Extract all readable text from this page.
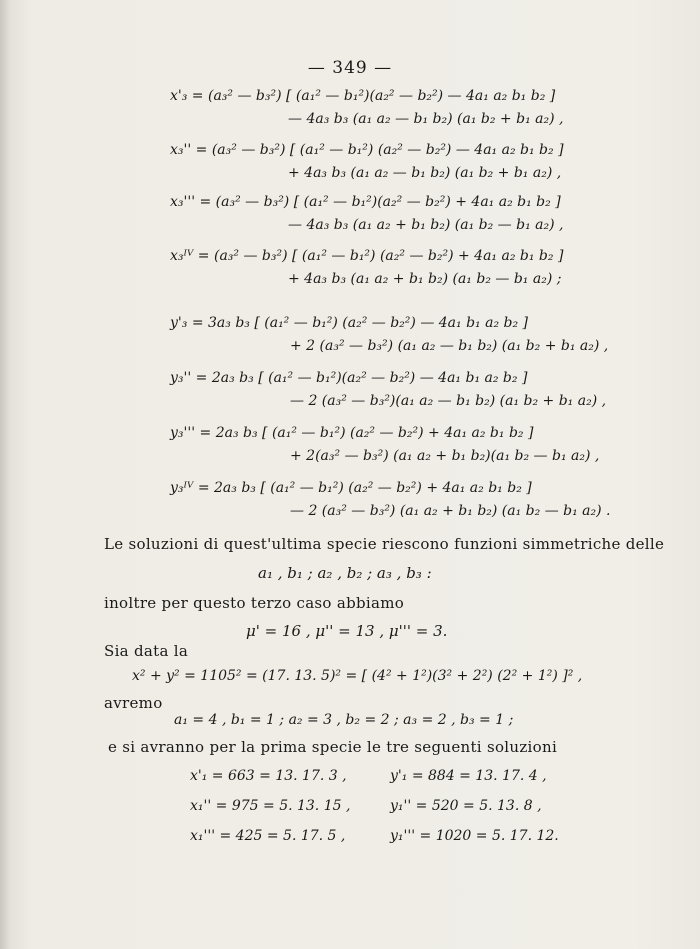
— 349 —
x'₃ = (a₃² — b₃²) [ (a₁² — b₁²)(a₂² — b₂²) — 4a₁ a₂ b₁ b₂ ]
— 4a₃ b₃ (a₁ a₂ — b₁ b₂) (a₁ b₂ + b₁ a₂) ,
x₃'' = (a₃² — b₃²) [ (a₁² — b₁²) (a₂² — b₂²) — 4a₁ a₂ b₁ b₂ ]
+ 4a₃ b₃ (a₁ a₂ — b₁ b₂) (a₁ b₂ + b₁ a₂) ,
x₃''' = (a₃² — b₃²) [ (a₁² — b₁²)(a₂² — b₂²) + 4a₁ a₂ b₁ b₂ ]
— 4a₃ b₃ (a₁ a₂ + b₁ b₂) (a₁ b₂ — b₁ a₂) ,
x₃ᴵⱽ = (a₃² — b₃²) [ (a₁² — b₁²) (a₂² — b₂²) + 4a₁ a₂ b₁ b₂ ]
+ 4a₃ b₃ (a₁ a₂ + b₁ b₂) (a₁ b₂ — b₁ a₂) ;
y'₃ = 3a₃ b₃ [ (a₁² — b₁²) (a₂² — b₂²) — 4a₁ b₁ a₂ b₂ ]
+ 2 (a₃² — b₃²) (a₁ a₂ — b₁ b₂) (a₁ b₂ + b₁ a₂) ,
y₃'' = 2a₃ b₃ [ (a₁² — b₁²)(a₂² — b₂²) — 4a₁ b₁ a₂ b₂ ]
— 2 (a₃² — b₃²)(a₁ a₂ — b₁ b₂) (a₁ b₂ + b₁ a₂) ,
y₃''' = 2a₃ b₃ [ (a₁² — b₁²) (a₂² — b₂²) + 4a₁ a₂ b₁ b₂ ]
+ 2(a₃² — b₃²) (a₁ a₂ + b₁ b₂)(a₁ b₂ — b₁ a₂) ,
y₃ᴵⱽ = 2a₃ b₃ [ (a₁² — b₁²) (a₂² — b₂²) + 4a₁ a₂ b₁ b₂ ]
— 2 (a₃² — b₃²) (a₁ a₂ + b₁ b₂) (a₁ b₂ — b₁ a₂) .
Le soluzioni di quest'ultima specie riescono funzioni simmetriche delle
a₁ , b₁ ; a₂ , b₂ ; a₃ , b₃ :
inoltre per questo terzo caso abbiamo
μ' = 16 , μ'' = 13 , μ''' = 3.
Sia data la
x² + y² = 1105² = (17. 13. 5)² = [ (4² + 1²)(3² + 2²) (2² + 1²) ]² ,
avremo
a₁ = 4 , b₁ = 1 ; a₂ = 3 , b₂ = 2 ; a₃ = 2 , b₃ = 1 ;
e si avranno per la prima specie le tre seguenti soluzioni
x'₁ = 663 = 13. 17. 3 ,	y'₁ = 884 = 13. 17. 4 ,
x₁'' = 975 = 5. 13. 15 ,	y₁'' = 520 = 5. 13. 8 ,
x₁''' = 425 = 5. 17. 5 ,	y₁''' = 1020 = 5. 17. 12.
